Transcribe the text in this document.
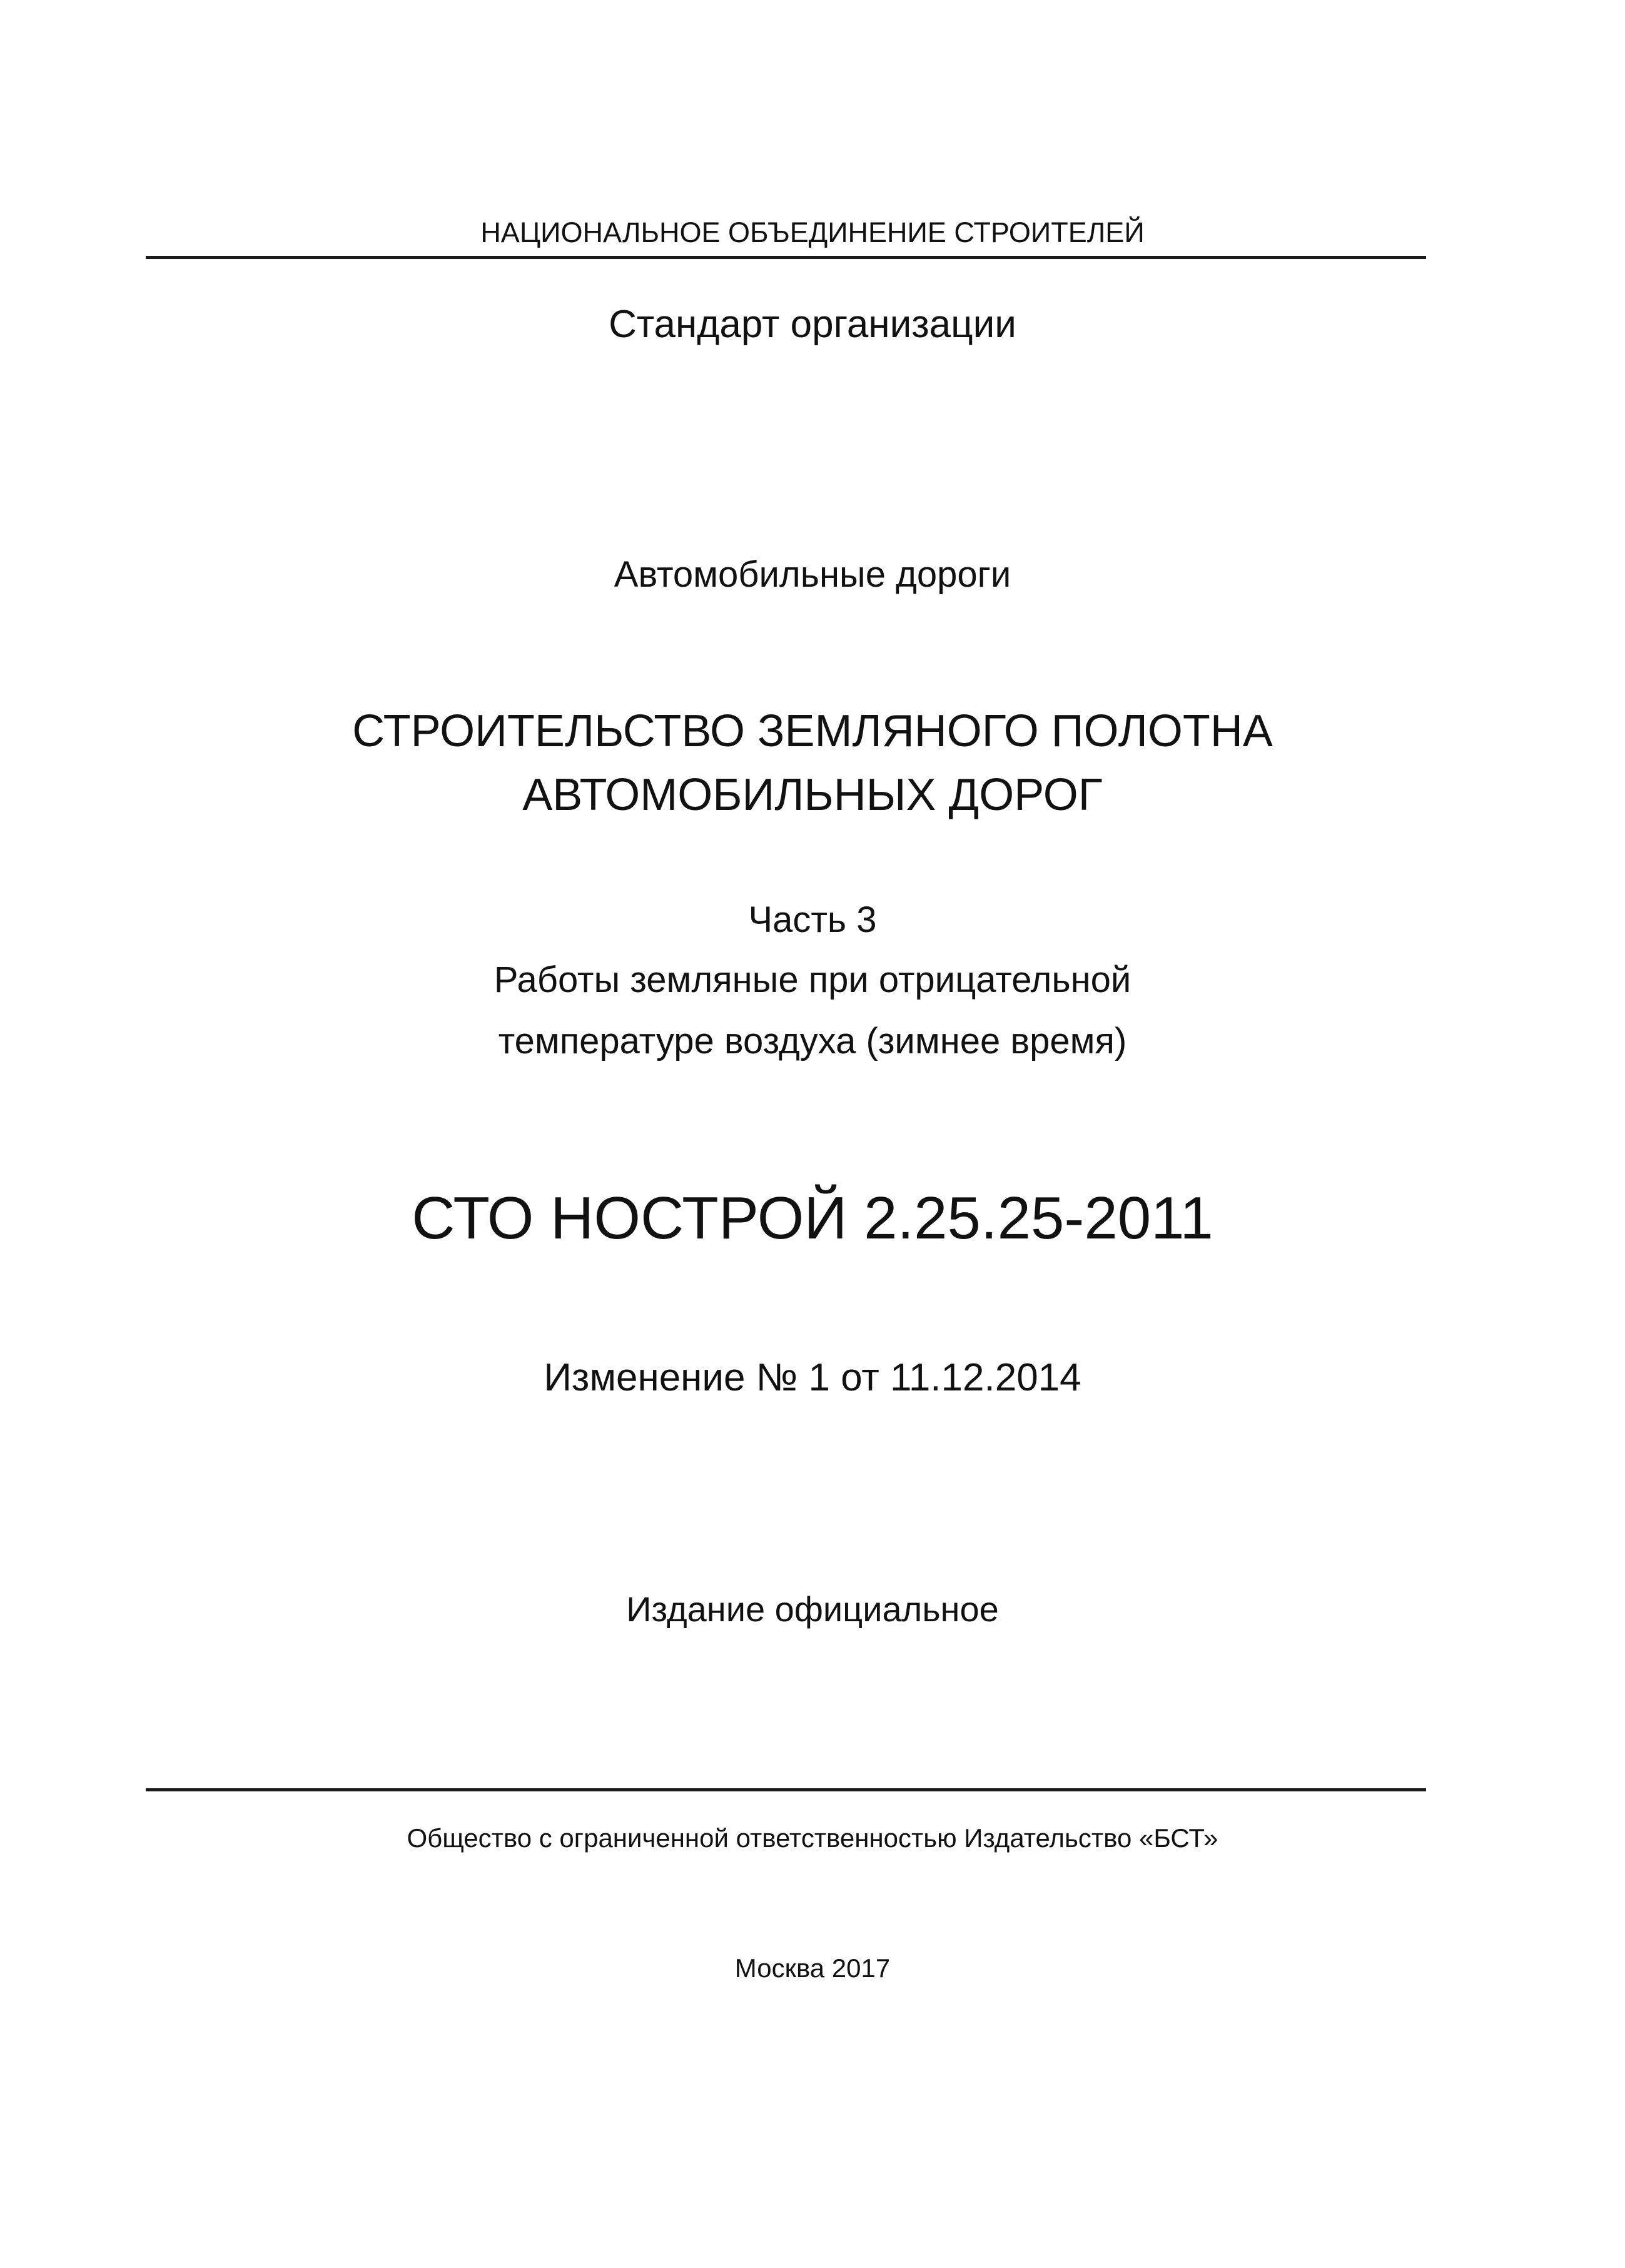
НАЦИОНАЛЬНОЕ ОБЪЕДИНЕНИЕ СТРОИТЕЛЕЙ
Стандарт организации
Автомобильные дороги
СТРОИТЕЛЬСТВО ЗЕМЛЯНОГО ПОЛОТНА
АВТОМОБИЛЬНЫХ ДОРОГ
Часть 3
Работы земляные при отрицательной
температуре воздуха (зимнее время)
СТО НОСТРОЙ 2.25.25-2011
Изменение № 1 от 11.12.2014
Издание официальное
Общество с ограниченной ответственностью Издательство «БСТ»
Москва 2017
